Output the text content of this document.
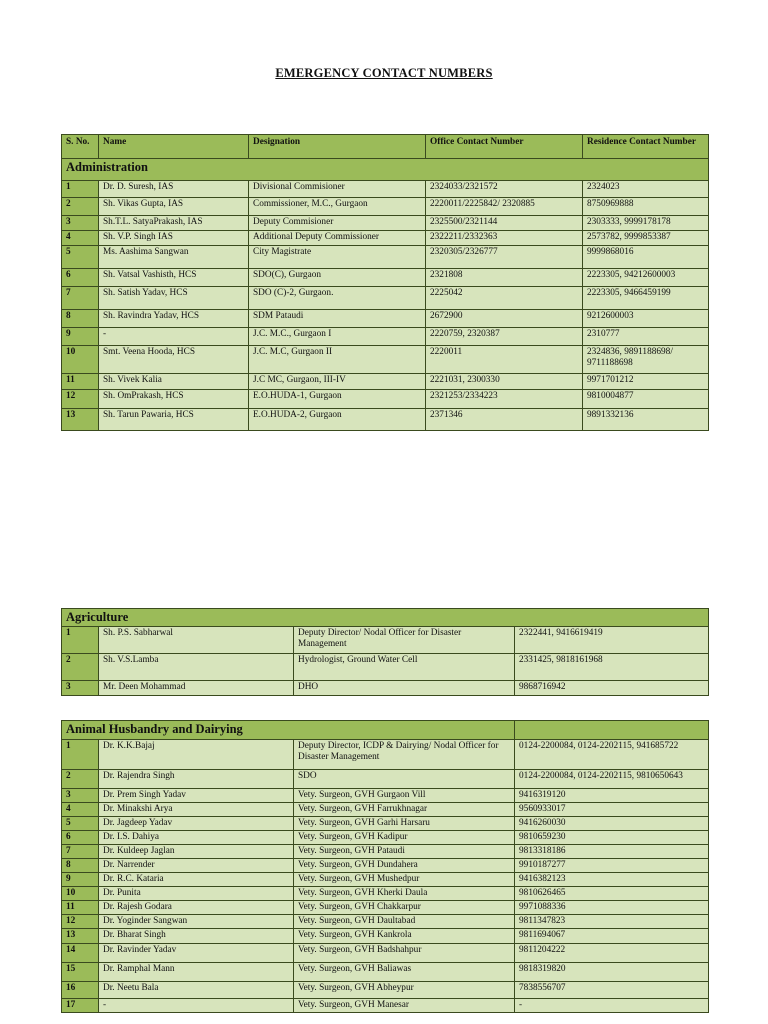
EMERGENCY CONTACT NUMBERS
S. No.	Name	Designation	Office Contact Number	Residence Contact Number
Administration				
1	Dr. D. Suresh, IAS	Divisional Commisioner	2324033/2321572	2324023
2	Sh. Vikas Gupta, IAS	Commissioner, M.C., Gurgaon	2220011/2225842/ 2320885	8750969888
3	Sh.T.L. SatyaPrakash, IAS	Deputy Commisioner	2325500/2321144	2303333, 9999178178
4	Sh. V.P. Singh IAS	Additional Deputy Commissioner	2322211/2332363	2573782, 9999853387
5	Ms. Aashima Sangwan	City Magistrate	2320305/2326777	9999868016
6	Sh. Vatsal Vashisth, HCS	SDO(C), Gurgaon	2321808	2223305, 94212600003
7	Sh. Satish Yadav, HCS	SDO (C)-2, Gurgaon.	2225042	2223305, 9466459199
8	Sh. Ravindra Yadav, HCS	SDM Pataudi	2672900	9212600003
9	-	J.C. M.C., Gurgaon I	2220759, 2320387	2310777
10	Smt. Veena Hooda, HCS	J.C. M.C, Gurgaon II	2220011	2324836, 9891188698/ 9711188698
11	Sh. Vivek Kalia	J.C MC, Gurgaon, III-IV	2221031, 2300330	9971701212
12	Sh. OmPrakash, HCS	E.O.HUDA-1, Gurgaon	2321253/2334223	9810004877
13	Sh. Tarun Pawaria, HCS	E.O.HUDA-2, Gurgaon	2371346	9891332136
Agriculture			
1	Sh. P.S. Sabharwal	Deputy Director/ Nodal Officer for Disaster Management	2322441, 9416619419
2	Sh. V.S.Lamba	Hydrologist, Ground Water Cell	2331425, 9818161968
3	Mr. Deen Mohammad	DHO	9868716942
Animal Husbandry and Dairying			
1	Dr. K.K.Bajaj	Deputy Director, ICDP & Dairying/ Nodal Officer for Disaster Management	0124-2200084, 0124-2202115, 941685722
2	Dr. Rajendra Singh	SDO	0124-2200084, 0124-2202115, 9810650643
3	Dr. Prem Singh Yadav	Vety. Surgeon, GVH Gurgaon Vill	9416319120
4	Dr. Minakshi Arya	Vety. Surgeon, GVH Farrukhnagar	9560933017
5	Dr. Jagdeep Yadav	Vety. Surgeon, GVH Garhi Harsaru	9416260030
6	Dr. I.S. Dahiya	Vety. Surgeon, GVH Kadipur	9810659230
7	Dr. Kuldeep Jaglan	Vety. Surgeon, GVH Pataudi	9813318186
8	Dr. Narrender	Vety. Surgeon, GVH Dundahera	9910187277
9	Dr. R.C. Kataria	Vety. Surgeon, GVH Mushedpur	9416382123
10	Dr. Punita	Vety. Surgeon, GVH Kherki Daula	9810626465
11	Dr. Rajesh Godara	Vety. Surgeon, GVH Chakkarpur	9971088336
12	Dr. Yoginder Sangwan	Vety. Surgeon, GVH Daultabad	9811347823
13	Dr. Bharat Singh	Vety. Surgeon, GVH Kankrola	9811694067
14	Dr. Ravinder Yadav	Vety. Surgeon, GVH Badshahpur	9811204222
15	Dr. Ramphal Mann	Vety. Surgeon, GVH Baliawas	9818319820
16	Dr. Neetu Bala	Vety. Surgeon, GVH Abheypur	7838556707
17	-	Vety. Surgeon, GVH Manesar	-
